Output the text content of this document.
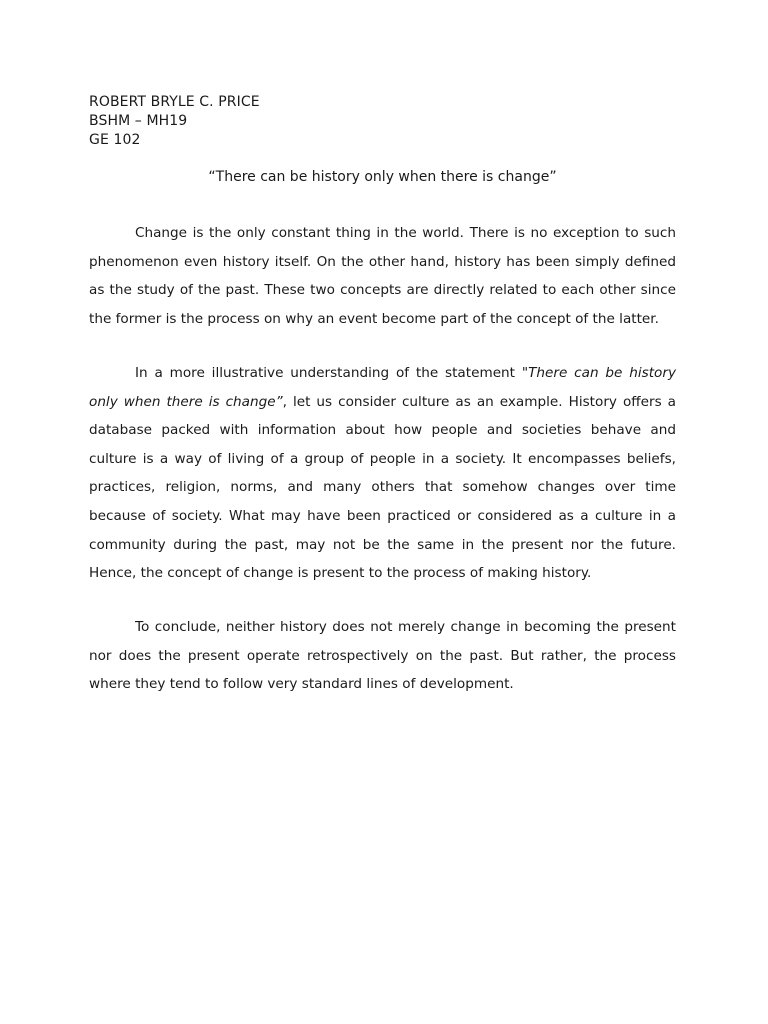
ROBERT BRYLE C. PRICE
BSHM – MH19
GE 102
“There can be history only when there is change”

Change is the only constant thing in the world. There is no exception to such phenomenon even history itself. On the other hand, history has been simply defined as the study of the past. These two concepts are directly related to each other since the former is the process on why an event become part of the concept of the latter.

In a more illustrative understanding of the statement "There can be history only when there is change”, let us consider culture as an example. History offers a database packed with information about how people and societies behave and culture is a way of living of a group of people in a society. It encompasses beliefs, practices, religion, norms, and many others that somehow changes over time because of society. What may have been practiced or considered as a culture in a community during the past, may not be the same in the present nor the future. Hence, the concept of change is present to the process of making history.

To conclude, neither history does not merely change in becoming the present nor does the present operate retrospectively on the past. But rather, the process where they tend to follow very standard lines of development.
